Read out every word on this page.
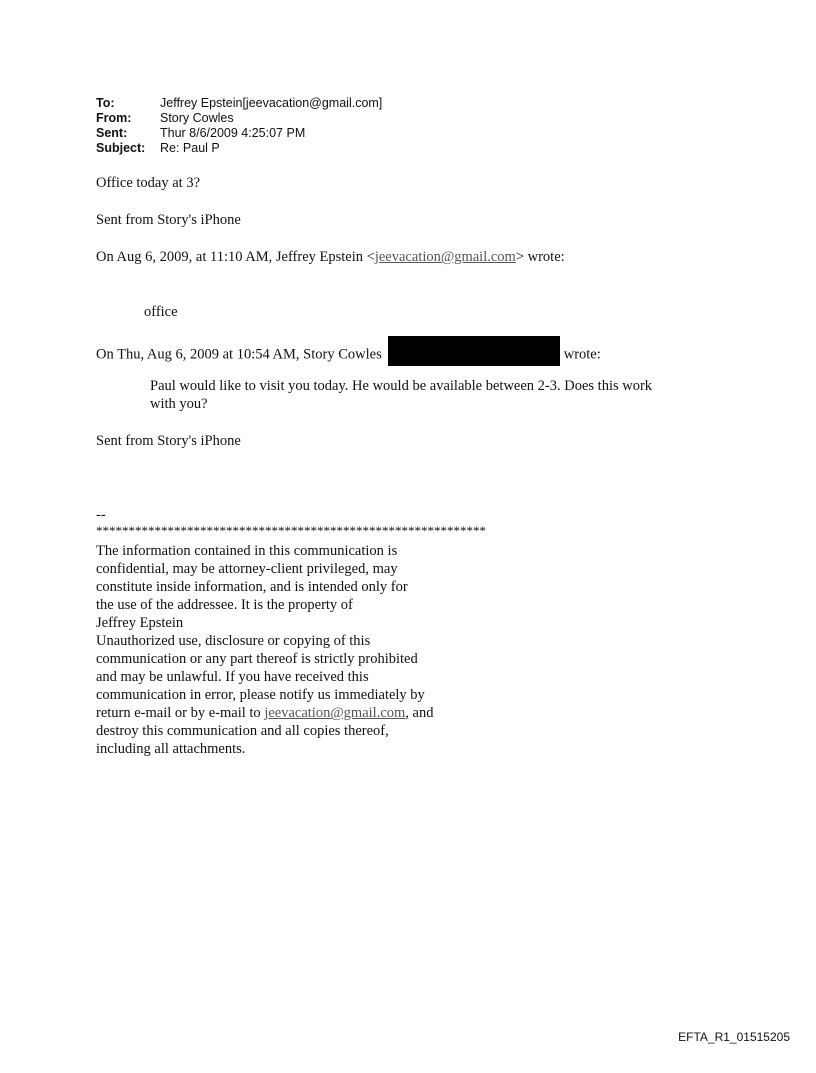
To:	Jeffrey Epstein[jeevacation@gmail.com]
From:	Story Cowles
Sent:	Thur 8/6/2009 4:25:07 PM
Subject:	Re: Paul P
Office today at 3?
Sent from Story's iPhone
On Aug 6, 2009, at 11:10 AM, Jeffrey Epstein <jeevacation@gmail.com> wrote:
office
On Thu, Aug 6, 2009 at 10:54 AM, Story Cowles	wrote:
Paul would like to visit you today. He would be available between 2-3. Does this work with you?
Sent from Story's iPhone
--
************************************************************
The information contained in this communication is
confidential, may be attorney-client privileged, may
constitute inside information, and is intended only for
the use of the addressee. It is the property of
Jeffrey Epstein
Unauthorized use, disclosure or copying of this
communication or any part thereof is strictly prohibited
and may be unlawful. If you have received this
communication in error, please notify us immediately by
return e-mail or by e-mail to jeevacation@gmail.com, and
destroy this communication and all copies thereof,
including all attachments.
EFTA_R1_01515205
